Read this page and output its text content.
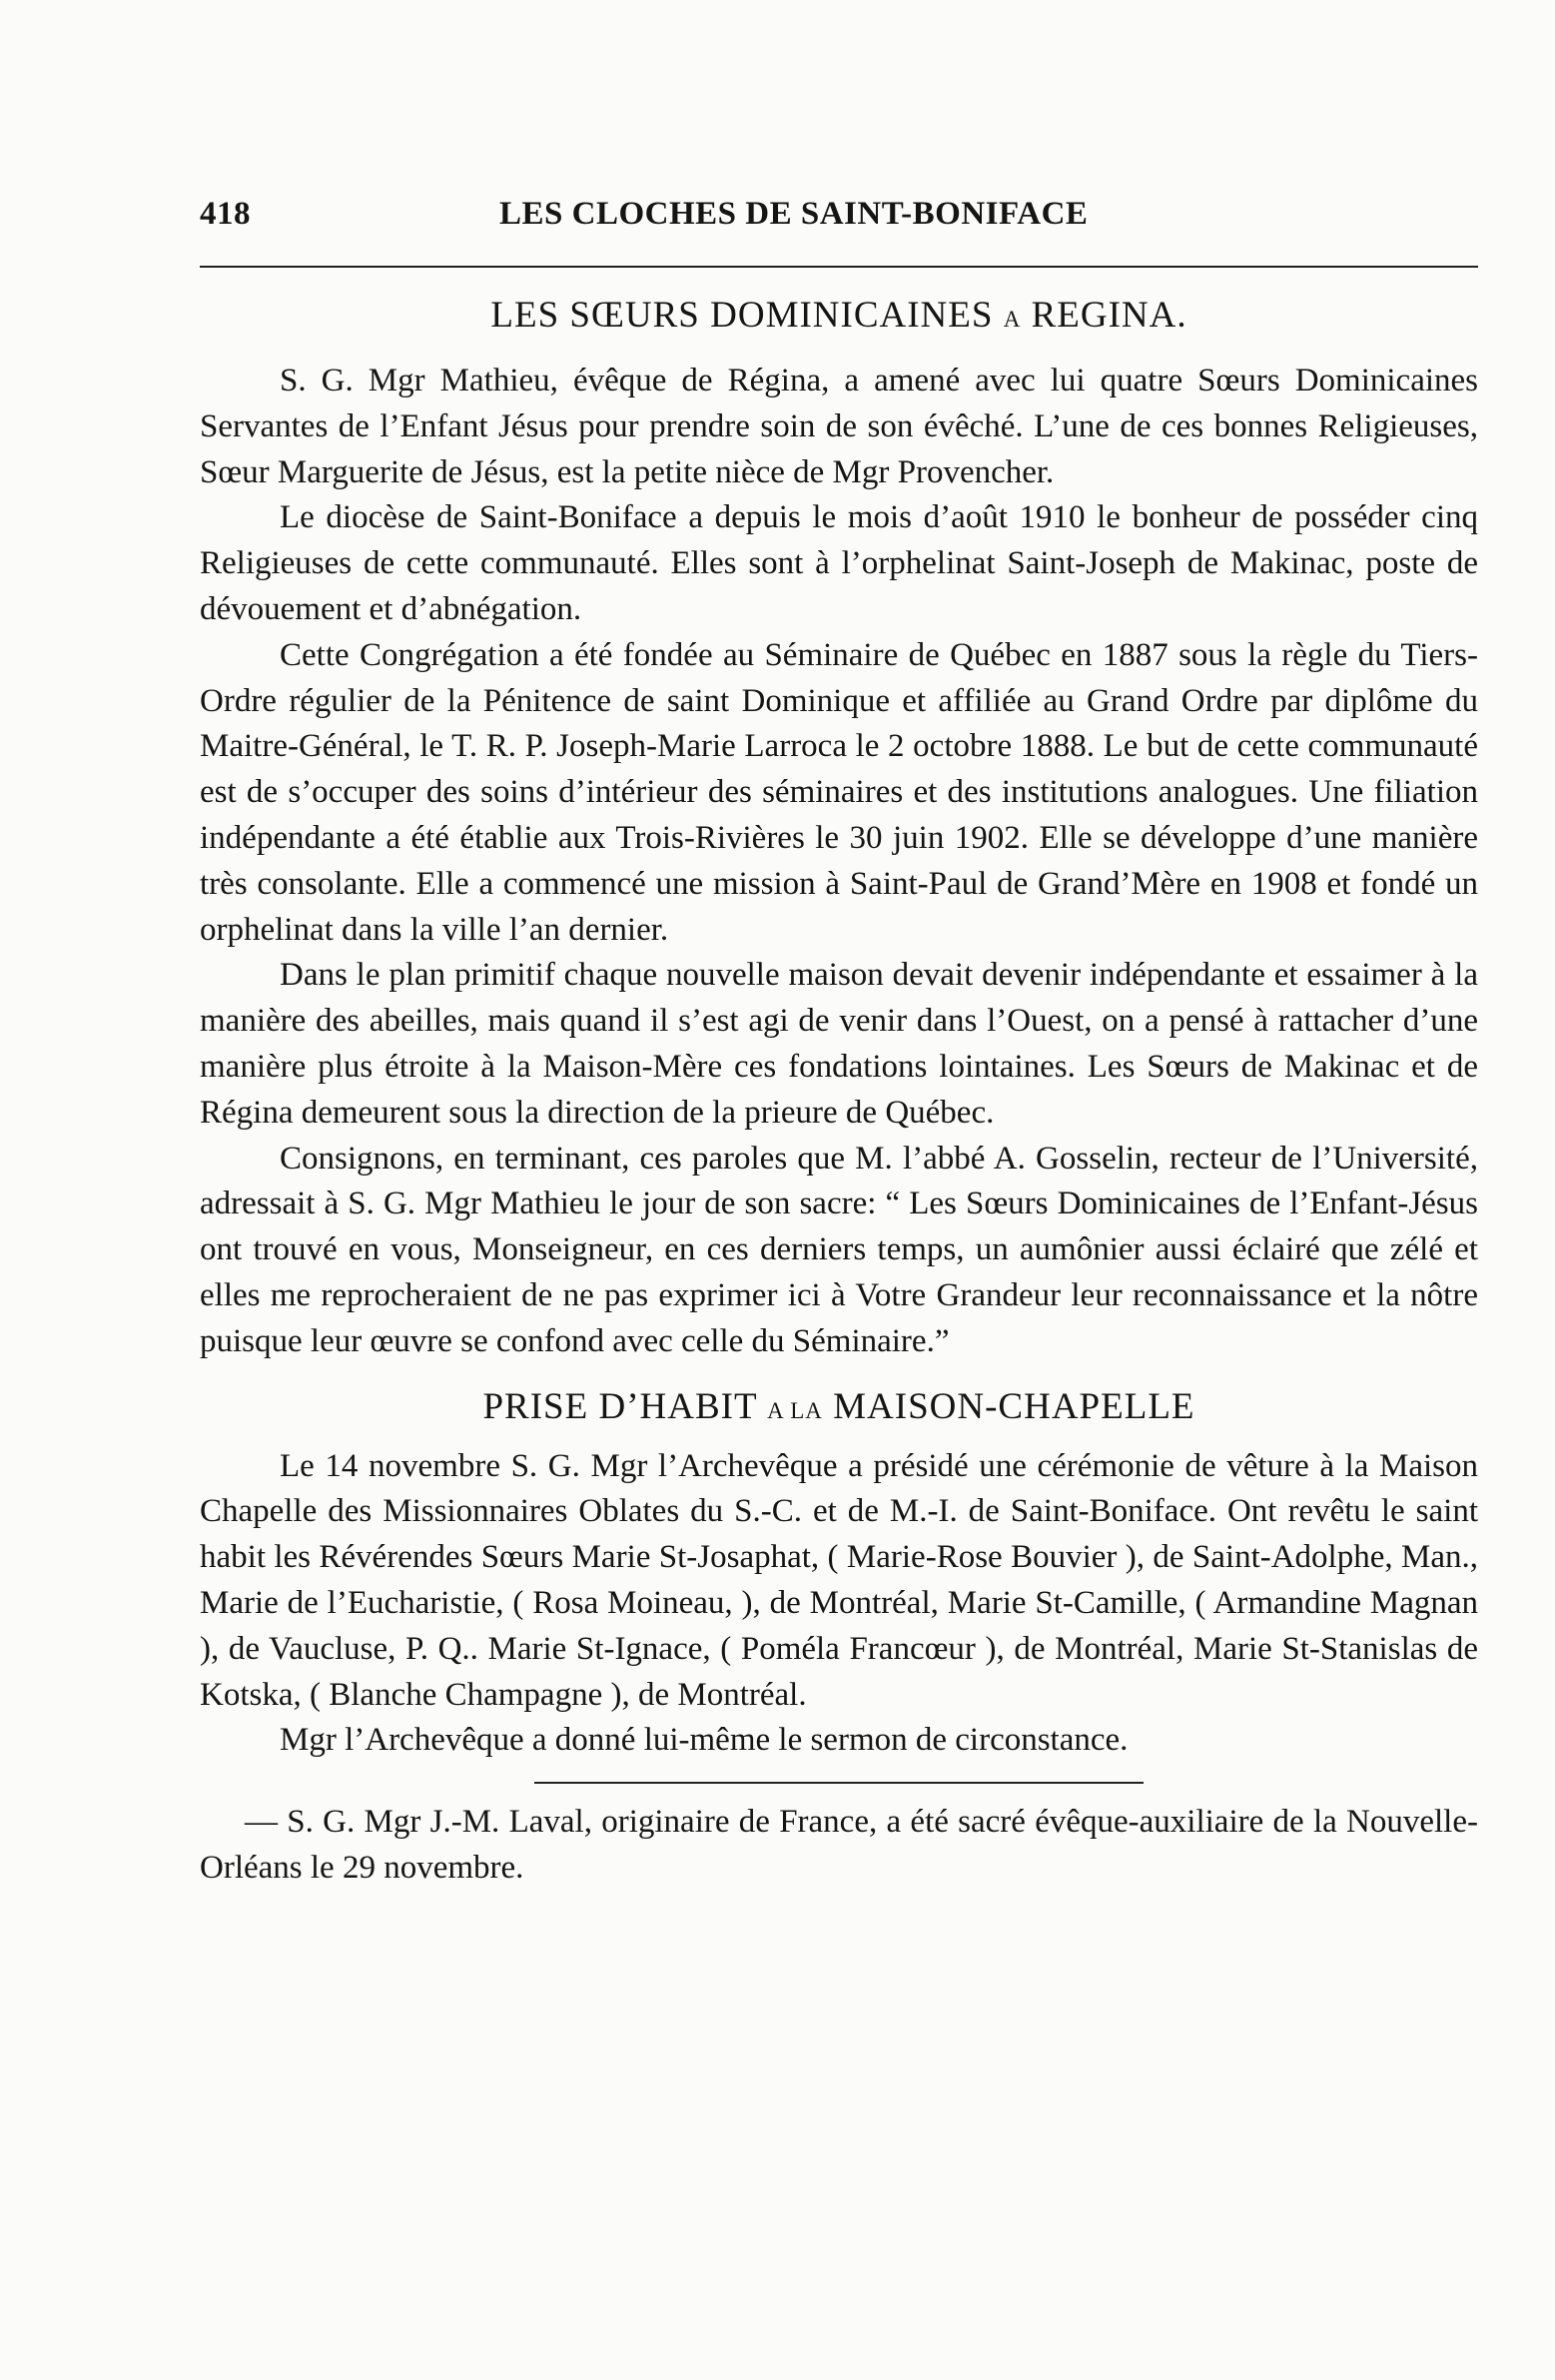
418	LES CLOCHES DE SAINT-BONIFACE
LES SŒURS DOMINICAINES A REGINA.

S. G. Mgr Mathieu, évêque de Régina, a amené avec lui quatre Sœurs Dominicaines Servantes de l’Enfant Jésus pour prendre soin de son évêché. L’une de ces bonnes Religieuses, Sœur Marguerite de Jésus, est la petite nièce de Mgr Provencher.

Le diocèse de Saint-Boniface a depuis le mois d’août 1910 le bonheur de posséder cinq Religieuses de cette communauté. Elles sont à l’orphelinat Saint-Joseph de Makinac, poste de dévouement et d’abnégation.

Cette Congrégation a été fondée au Séminaire de Québec en 1887 sous la règle du Tiers-Ordre régulier de la Pénitence de saint Dominique et affiliée au Grand Ordre par diplôme du Maitre-Général, le T. R. P. Joseph-Marie Larroca le 2 octobre 1888. Le but de cette communauté est de s’occuper des soins d’intérieur des séminaires et des institutions analogues. Une filiation indépendante a été établie aux Trois-Rivières le 30 juin 1902. Elle se développe d’une manière très consolante. Elle a commencé une mission à Saint-Paul de Grand’Mère en 1908 et fondé un orphelinat dans la ville l’an dernier.

Dans le plan primitif chaque nouvelle maison devait devenir indépendante et essaimer à la manière des abeilles, mais quand il s’est agi de venir dans l’Ouest, on a pensé à rattacher d’une manière plus étroite à la Maison-Mère ces fondations lointaines. Les Sœurs de Makinac et de Régina demeurent sous la direction de la prieure de Québec.

Consignons, en terminant, ces paroles que M. l’abbé A. Gosselin, recteur de l’Université, adressait à S. G. Mgr Mathieu le jour de son sacre: “ Les Sœurs Dominicaines de l’Enfant-Jésus ont trouvé en vous, Monseigneur, en ces derniers temps, un aumônier aussi éclairé que zélé et elles me reprocheraient de ne pas exprimer ici à Votre Grandeur leur reconnaissance et la nôtre puisque leur œuvre se confond avec celle du Séminaire.”

PRISE D’HABIT A LA MAISON-CHAPELLE

Le 14 novembre S. G. Mgr l’Archevêque a présidé une cérémonie de vêture à la Maison Chapelle des Missionnaires Oblates du S.-C. et de M.-I. de Saint-Boniface. Ont revêtu le saint habit les Révérendes Sœurs Marie St-Josaphat, ( Marie-Rose Bouvier ), de Saint-Adolphe, Man., Marie de l’Eucharistie, ( Rosa Moineau, ), de Montréal, Marie St-Camille, ( Armandine Magnan ), de Vaucluse, P. Q.. Marie St-Ignace, ( Poméla Francœur ), de Montréal, Marie St-Stanislas de Kotska, ( Blanche Champagne ), de Montréal.

Mgr l’Archevêque a donné lui-même le sermon de circonstance.

— S. G. Mgr J.-M. Laval, originaire de France, a été sacré évêque-auxiliaire de la Nouvelle-Orléans le 29 novembre.
